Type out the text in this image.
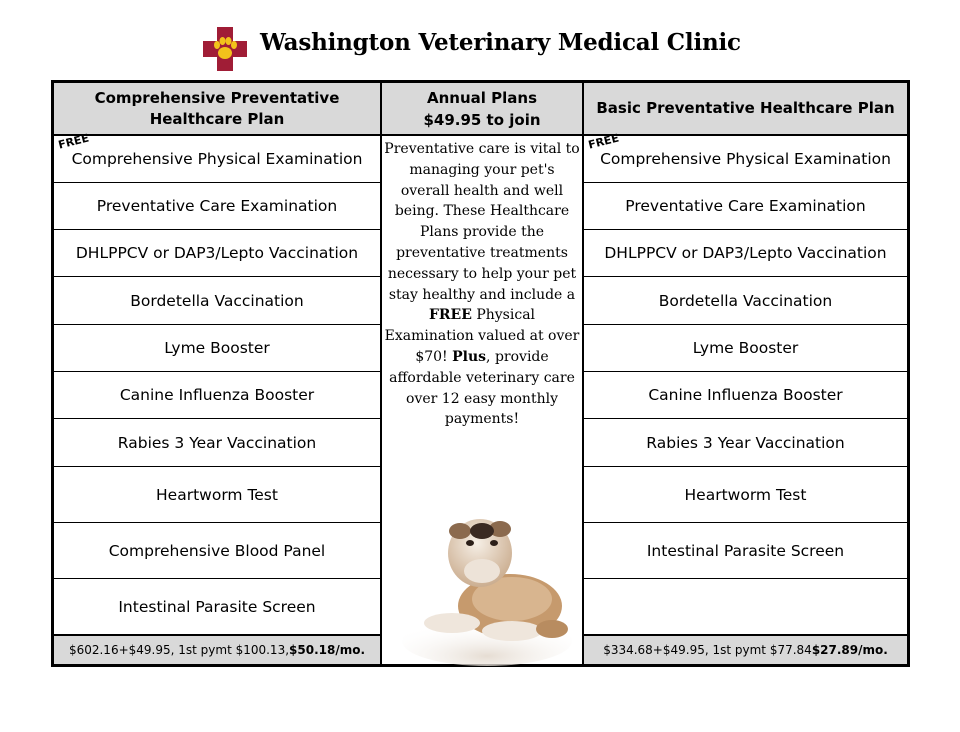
Washington Veterinary Medical Clinic
Comprehensive Preventative Healthcare Plan
FREE
Comprehensive Physical Examination
Preventative Care Examination
DHLPPCV or DAP3/Lepto Vaccination
Bordetella Vaccination
Lyme Booster
Canine Influenza Booster
Rabies 3 Year Vaccination
Heartworm Test
Comprehensive Blood Panel
Intestinal Parasite Screen
$602.16+$49.95, 1st pymt $100.13, $50.18/mo.
Annual Plans
$49.95 to join
Preventative care is vital to managing your pet's overall health and well being. These Healthcare Plans provide the preventative treatments necessary to help your pet stay healthy and include a FREE Physical Examination valued at over $70! Plus, provide affordable veterinary care over 12 easy monthly payments!
Basic Preventative Healthcare Plan
FREE
Comprehensive Physical Examination
Preventative Care Examination
DHLPPCV or DAP3/Lepto Vaccination
Bordetella Vaccination
Lyme Booster
Canine Influenza Booster
Rabies 3 Year Vaccination
Heartworm Test
Intestinal Parasite Screen
$334.68+$49.95, 1st pymt $77.84 $27.89/mo.
